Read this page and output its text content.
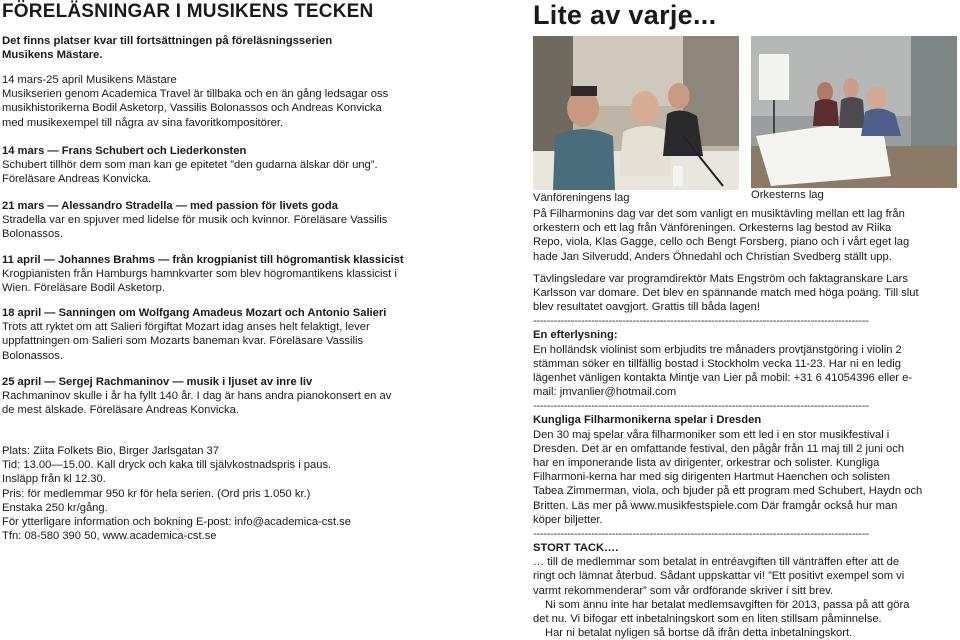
FÖRELÄSNINGAR I MUSIKENS TECKEN
Det finns platser kvar till fortsättningen på föreläsningsserien Musikens Mästare.
14 mars-25 april Musikens Mästare
Musikserien genom Academica Travel är tillbaka och en än gång ledsagar oss musikhistorikerna Bodil Asketorp, Vassilis Bolonassos och Andreas Konvicka med musikexempel till några av sina favoritkompositörer.
14 mars — Frans Schubert och Liederkonsten
Schubert tillhör dem som man kan ge epitetet ”den gudarna älskar dör ung”. Föreläsare Andreas Konvicka.
21 mars — Alessandro Stradella — med passion för livets goda
Stradella var en spjuver med lidelse för musik och kvinnor. Föreläsare Vassilis Bolonassos.
11 april — Johannes Brahms — från krogpianist till högromantisk klassicist
Krogpianisten från Hamburgs hamnkvarter som blev högromantikens klassicist i Wien. Föreläsare Bodil Asketorp.
18 april — Sanningen om Wolfgang Amadeus Mozart och Antonio Salieri
Trots att ryktet om att Salieri förgiftat Mozart idag anses helt felaktigt, lever uppfattningen om Salieri som Mozarts baneman kvar. Föreläsare Vassilis Bolonassos.
25 april — Sergej Rachmaninov — musik i ljuset av inre liv
Rachmaninov skulle i år ha fyllt 140 år. I dag är hans andra pianokonsert en av de mest älskade. Föreläsare Andreas Konvicka.
Plats: Ziita Folkets Bio, Birger Jarlsgatan 37
Tid: 13.00—15.00. Kall dryck och kaka till självkostnadspris i paus.
Insläpp från kl 12.30.
Pris: för medlemmar 950 kr för hela serien. (Ord pris 1.050 kr.)
Enstaka 250 kr/gång.
För ytterligare information och bokning E-post: info@academica-cst.se
Tfn: 08-580 390 50, www.academica-cst.se
Lite av varje...
Vänföreningens lag	Orkesterns lag

På Filharmonins dag var det som vanligt en musiktävling mellan ett lag från orkestern och ett lag från Vänföreningen. Orkesterns lag bestod av Riika Repo, viola, Klas Gagge, cello och Bengt Forsberg, piano och i vårt eget lag hade Jan Silverudd, Anders Öhnedahl och Christian Svedberg ställt upp.

Tävlingsledare var programdirektör Mats Engström och faktagranskare Lars Karlsson var domare. Det blev en spännande match med höga poäng. Till slut blev resultatet oavgjort. Grattis till båda lagen!

--------------------------------------------------------------------------------------------------

En efterlysning:

En holländsk violinist som erbjudits tre månaders provtjänstgöring i violin 2 stämman söker en tillfällig bostad i Stockholm vecka 11-23. Har ni en ledig lägenhet vänligen kontakta Mintje van Lier på mobil: +31 6 41054396 eller e-mail: jmvanlier@hotmail.com

--------------------------------------------------------------------------------------------------

Kungliga Filharmonikerna spelar i Dresden

Den 30 maj spelar våra filharmoniker som ett led i en stor musikfestival i Dresden. Det är en omfattande festival, den pågår från 11 maj till 2 juni och har en imponerande lista av dirigenter, orkestrar och solister. Kungliga Filharmoni-kerna har med sig dirigenten Hartmut Haenchen och solisten Tabea Zimmerman, viola, och bjuder på ett program med Schubert, Haydn och Britten. Läs mer på www.musikfestspiele.com Där framgår också hur man köper biljetter.

--------------------------------------------------------------------------------------------------

STORT TACK….

… till de medlemmar som betalat in entréavgiften till vänträffen efter att de ringt och lämnat återbud. Sådant uppskattar vi! ”Ett positivt exempel som vi varmt rekommenderar” som vår ordförande skriver i sitt brev.

Ni som ännu inte har betalat medlemsavgiften för 2013, passa på att göra det nu. Vi bifogar ett inbetalningskort som en liten stillsam påminnelse.

Har ni betalat nyligen så bortse då ifrån detta inbetalningskort.
